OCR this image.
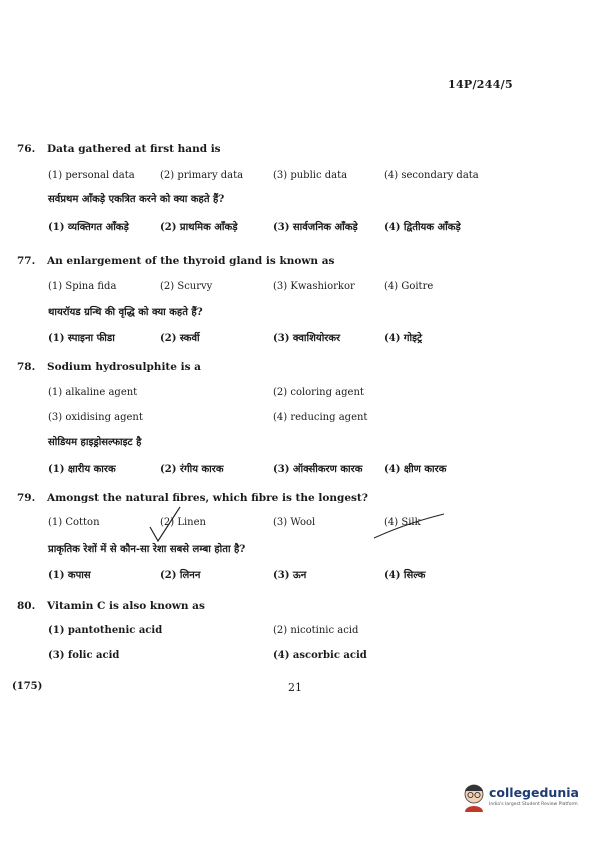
14P/244/5
76. Data gathered at first hand is
(1) personal data	(2) primary data	(3) public data	(4) secondary data
सर्वप्रथम आँकड़े एकत्रित करने को क्या कहते हैं?
(1) व्यक्तिगत आँकड़े	(2) प्राथमिक आँकड़े	(3) सार्वजनिक आँकड़े	(4) द्वितीयक आँकड़े
77. An enlargement of the thyroid gland is known as
(1) Spina fida	(2) Scurvy	(3) Kwashiorkor	(4) Goitre
थायरॉयड ग्रन्थि की वृद्धि को क्या कहते हैं?
(1) स्पाइना फीडा	(2) स्कर्वी	(3) क्वाशियोरकर	(4) गोइट्रे
78. Sodium hydrosulphite is a
(1) alkaline agent	(2) coloring agent
(3) oxidising agent	(4) reducing agent
सोडियम हाइड्रोसल्फाइट है
(1) क्षारीय कारक	(2) रंगीय कारक	(3) ऑक्सीकरण कारक (4) क्षीण कारक
79. Amongst the natural fibres, which fibre is the longest?
(1) Cotton	(2) Linen	(3) Wool	(4) Silk
प्राकृतिक रेशों में से कौन-सा रेशा सबसे लम्बा होता है?
(1) कपास	(2) लिनन	(3) ऊन	(4) सिल्क
80. Vitamin C is also known as
(1) pantothenic acid	(2) nicotinic acid
(3) folic acid	(4) ascorbic acid
(175)	21
collegedunia
India's largest Student Review Platform
